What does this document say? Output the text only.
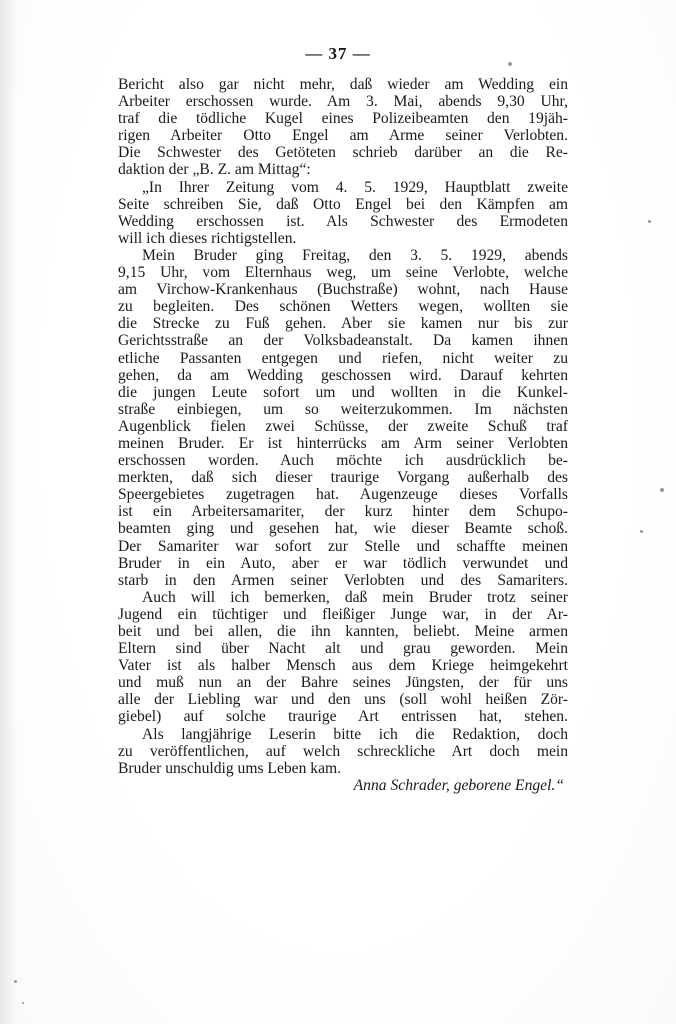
— 37 —
Bericht also gar nicht mehr, daß wieder am Wedding ein
Arbeiter erschossen wurde. Am 3. Mai, abends 9,30 Uhr,
traf die tödliche Kugel eines Polizeibeamten den 19jäh-
rigen Arbeiter Otto Engel am Arme seiner Verlobten.
Die Schwester des Getöteten schrieb darüber an die Re-
daktion der „B. Z. am Mittag“:
„In Ihrer Zeitung vom 4. 5. 1929, Hauptblatt zweite
Seite schreiben Sie, daß Otto Engel bei den Kämpfen am
Wedding erschossen ist. Als Schwester des Ermodeten
will ich dieses richtigstellen.
Mein Bruder ging Freitag, den 3. 5. 1929, abends
9,15 Uhr, vom Elternhaus weg, um seine Verlobte, welche
am Virchow-Krankenhaus (Buchstraße) wohnt, nach Hause
zu begleiten. Des schönen Wetters wegen, wollten sie
die Strecke zu Fuß gehen. Aber sie kamen nur bis zur
Gerichtsstraße an der Volksbadeanstalt. Da kamen ihnen
etliche Passanten entgegen und riefen, nicht weiter zu
gehen, da am Wedding geschossen wird. Darauf kehrten
die jungen Leute sofort um und wollten in die Kunkel-
straße einbiegen, um so weiterzukommen. Im nächsten
Augenblick fielen zwei Schüsse, der zweite Schuß traf
meinen Bruder. Er ist hinterrücks am Arm seiner Verlobten
erschossen worden. Auch möchte ich ausdrücklich be-
merkten, daß sich dieser traurige Vorgang außerhalb des
Speergebietes zugetragen hat. Augenzeuge dieses Vorfalls
ist ein Arbeitersamariter, der kurz hinter dem Schupo-
beamten ging und gesehen hat, wie dieser Beamte schoß.
Der Samariter war sofort zur Stelle und schaffte meinen
Bruder in ein Auto, aber er war tödlich verwundet und
starb in den Armen seiner Verlobten und des Samariters.
Auch will ich bemerken, daß mein Bruder trotz seiner
Jugend ein tüchtiger und fleißiger Junge war, in der Ar-
beit und bei allen, die ihn kannten, beliebt. Meine armen
Eltern sind über Nacht alt und grau geworden. Mein
Vater ist als halber Mensch aus dem Kriege heimgekehrt
und muß nun an der Bahre seines Jüngsten, der für uns
alle der Liebling war und den uns (soll wohl heißen Zör-
giebel) auf solche traurige Art entrissen hat, stehen.
Als langjährige Leserin bitte ich die Redaktion, doch
zu veröffentlichen, auf welch schreckliche Art doch mein
Bruder unschuldig ums Leben kam.
Anna Schrader, geborene Engel.“
